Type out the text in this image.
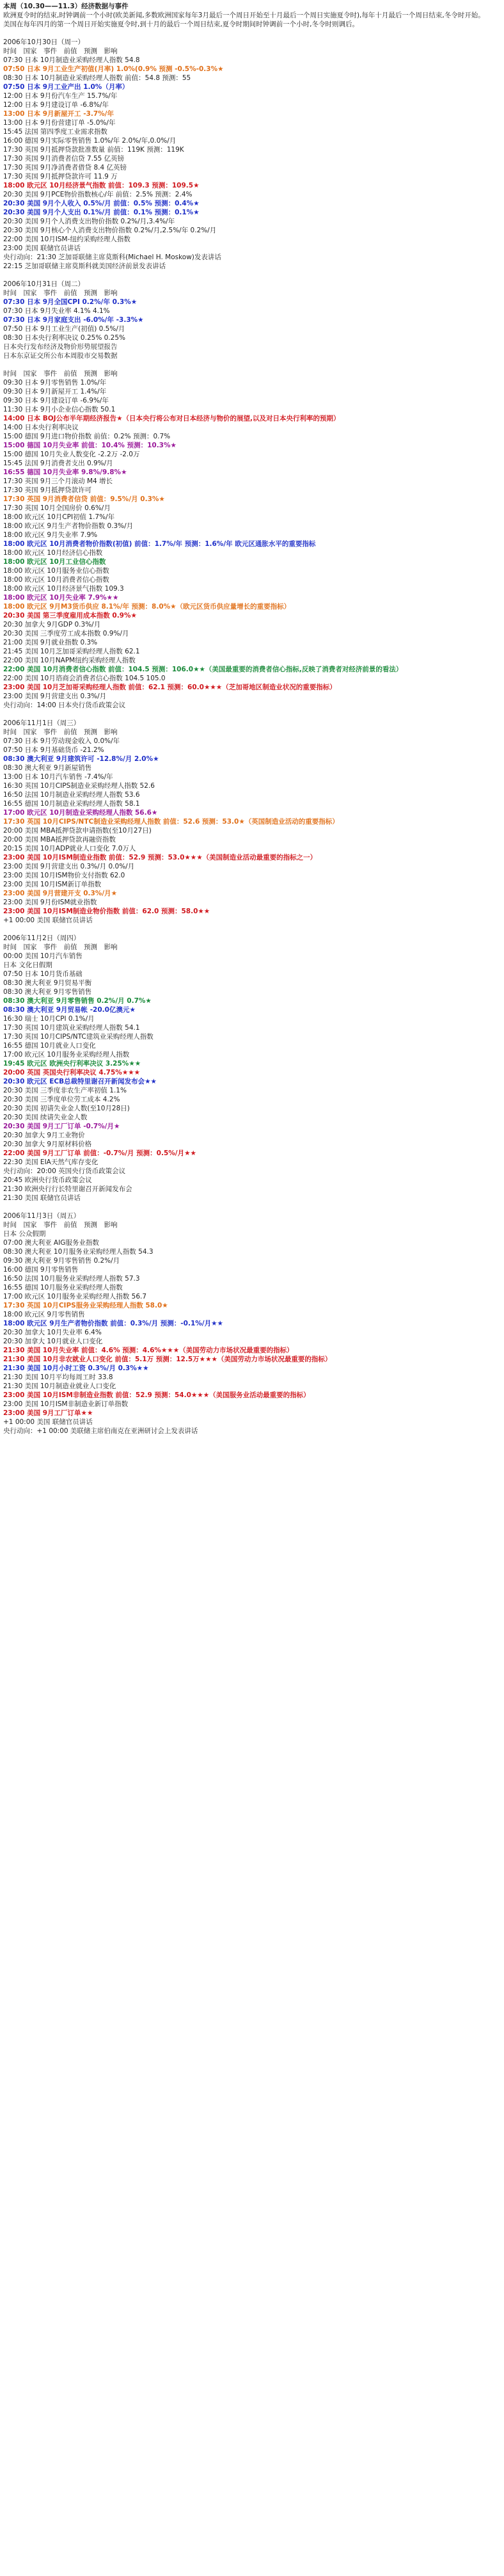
本周（10.30——11.3）经济数据与事件
欧洲夏令时的结束,时钟调前一个小时(欧美新闻,多数欧洲国家每年3月最后一个周日开始至十月最后一个周日实施夏令时),每年十月最后一个周日结束,冬令时开始。
美国在每年四月的第一个周日开始实施夏令时,到十月的最后一个周日结束,夏令时期间时钟调前一个小时,冬令时则调后。
2006年10月30日（周一）
时间　国家　事件　前值　预测　影响
07:30 日本 10月制造业采购经理人指数 54.8
07:50 日本 9月工业生产初值(月率) 1.0%(0.9% 预测 -0.5%-0.3%★
08:30 日本 10月制造业采购经理人指数 前值：54.8 预测：55
07:50 日本 9月工业产出 1.0%（月率）
12:00 日本 9月份汽车生产 15.7%/年
12:00 日本 9月建设订单 -6.8%/年
13:00 日本 9月新屋开工 -3.7%/年
13:00 日本 9月份营建订单 -5.0%/年
15:45 法国 第四季度工业需求指数
16:00 德国 9月实际零售销售 1.0%/年 2.0%/年,0.0%/月
17:30 英国 9月抵押贷款批准数量 前值：119K 预测：119K
17:30 英国 9月消费者信贷 7.55 亿英镑
17:30 英国 9月净消费者借贷 8.4 亿英镑
17:30 英国 9月抵押贷款许可 11.9 万
18:00 欧元区 10月经济景气指数 前值：109.3 预测：109.5★
20:30 美国 9月PCE物价指数核心/年 前值：2.5% 预测：2.4%
20:30 美国 9月个人收入 0.5%/月 前值：0.5% 预测：0.4%★
20:30 美国 9月个人支出 0.1%/月 前值：0.1% 预测：0.1%★
20:30 美国 9月个人消费支出物价指数 0.2%/月,3.4%/年
20:30 美国 9月核心个人消费支出物价指数 0.2%/月,2.5%/年 0.2%/月
22:00 美国 10月ISM-纽约采购经理人指数
23:00 美国 联储官员讲话
央行动向：21:30 芝加哥联储主席莫斯科(Michael H. Moskow)发表讲话
22:15 芝加哥联储主席莫斯科就美国经济前景发表讲话
2006年10月31日（周二）
时间　国家　事件　前值　预测　影响
07:30 日本 9月全国CPI 0.2%/年 0.3%★
07:30 日本 9月失业率 4.1% 4.1%
07:30 日本 9月家庭支出 -6.0%/年 -3.3%★
07:50 日本 9月工业生产(初值) 0.5%/月
08:30 日本央行利率决议 0.25% 0.25%
日本央行发布经济及物价形势展望报告
日本东京证交所公布本周股市交易数据
时间　国家　事件　前值　预测　影响
09:30 日本 9月零售销售 1.0%/年
09:30 日本 9月新屋开工 1.4%/年
09:30 日本 9月建设订单 -6.9%/年
11:30 日本 9月小企业信心指数 50.1
14:00 日本 BOJ公布半年期经济报告★（日本央行将公布对日本经济与物价的展望,以及对日本央行利率的预期）
14:00 日本央行利率决议
15:00 德国 9月进口物价指数 前值：0.2% 预测：0.7%
15:00 德国 10月失业率 前值：10.4% 预测：10.3%★
15:00 德国 10月失业人数变化 -2.2万 -2.0万
15:45 法国 9月消费者支出 0.9%/月
16:55 德国 10月失业率 9.8%/9.8%★
17:30 英国 9月三个月滚动 M4 增长
17:30 英国 9月抵押贷款许可
17:30 英国 9月消费者信贷 前值：9.5%/月 0.3%★
17:30 英国 10月全国房价 0.6%/月
18:00 欧元区 10月CPI初值 1.7%/年
18:00 欧元区 9月生产者物价指数 0.3%/月
18:00 欧元区 9月失业率 7.9%
18:00 欧元区 10月消费者物价指数(初值) 前值：1.7%/年 预测：1.6%/年 欧元区通胀水平的重要指标
18:00 欧元区 10月经济信心指数
18:00 欧元区 10月工业信心指数
18:00 欧元区 10月服务业信心指数
18:00 欧元区 10月消费者信心指数
18:00 欧元区 10月经济景气指数 109.3
18:00 欧元区 10月失业率 7.9%★★
18:00 欧元区 9月M3货币供应 8.1%/年 预测：8.0%★（欧元区货币供应量增长的重要指标）
20:30 美国 第三季度雇用成本指数 0.9%★
20:30 加拿大 9月GDP 0.3%/月
20:30 美国 三季度劳工成本指数 0.9%/月
21:00 美国 9月就业指数 0.3%
21:45 美国 10月芝加哥采购经理人指数 62.1
22:00 美国 10月NAPM纽约采购经理人指数
22:00 美国 10月消费者信心指数 前值：104.5 预测：106.0★★（美国最重要的消费者信心指标,反映了消费者对经济前景的看法）
22:00 美国 10月谘商会消费者信心指数 104.5 105.0
23:00 美国 10月芝加哥采购经理人指数 前值：62.1 预测：60.0★★★（芝加哥地区制造业状况的重要指标）
23:00 美国 9月营建支出 0.3%/月
央行动向：14:00 日本央行货币政策会议
2006年11月1日（周三）
时间　国家　事件　前值　预测　影响
07:30 日本 9月劳动现金收入 0.0%/年
07:50 日本 9月基础货币 -21.2%
08:30 澳大利亚 9月建筑许可 -12.8%/月 2.0%★
08:30 澳大利亚 9月新屋销售
13:00 日本 10月汽车销售 -7.4%/年
16:30 英国 10月CIPS制造业采购经理人指数 52.6
16:50 法国 10月制造业采购经理人指数 53.6
16:55 德国 10月制造业采购经理人指数 58.1
17:00 欧元区 10月制造业采购经理人指数 56.6★
17:30 英国 10月CIPS/NTC制造业采购经理人指数 前值：52.6 预测：53.0★（英国制造业活动的重要指标）
20:00 美国 MBA抵押贷款申请指数(至10月27日)
20:00 美国 MBA抵押贷款再融资指数
20:15 美国 10月ADP就业人口变化 7.0万人
23:00 美国 10月ISM制造业指数 前值：52.9 预测：53.0★★★（美国制造业活动最重要的指标之一）
23:00 美国 9月营建支出 0.3%/月 0.0%/月
23:00 美国 10月ISM物价支付指数 62.0
23:00 美国 10月ISM新订单指数
23:00 美国 9月营建开支 0.3%/月★
23:00 美国 9月份ISM就业指数
23:00 美国 10月ISM制造业物价指数 前值：62.0 预测：58.0★★
+1 00:00 美国 联储官员讲话
2006年11月2日（周四）
时间　国家　事件　前值　预测　影响
00:00 美国 10月汽车销售
日本 文化日假期
07:50 日本 10月货币基础
08:30 澳大利亚 9月贸易平衡
08:30 澳大利亚 9月零售销售
08:30 澳大利亚 9月零售销售 0.2%/月 0.7%★
08:30 澳大利亚 9月贸易帐 -20.0亿澳元★
16:30 瑞士 10月CPI 0.1%/月
17:30 英国 10月建筑业采购经理人指数 54.1
17:30 英国 10月CIPS/NTC建筑业采购经理人指数
16:55 德国 10月就业人口变化
17:00 欧元区 10月服务业采购经理人指数
19:45 欧元区 欧洲央行利率决议 3.25%★★
20:00 英国 英国央行利率决议 4.75%★★★
20:30 欧元区 ECB总裁特里谢召开新闻发布会★★
20:30 美国 三季度非农生产率初值 1.1%
20:30 美国 三季度单位劳工成本 4.2%
20:30 美国 初请失业金人数(至10月28日)
20:30 美国 续请失业金人数
20:30 美国 9月工厂订单 -0.7%/月★
20:30 加拿大 9月工业物价
20:30 加拿大 9月原材料价格
22:00 美国 9月工厂订单 前值：-0.7%/月 预测：0.5%/月★★
22:30 美国 EIA天然气库存变化
央行动向：20:00 英国央行货币政策会议
20:45 欧洲央行货币政策会议
21:30 欧洲央行行长特里谢召开新闻发布会
21:30 美国 联储官员讲话
2006年11月3日（周五）
时间　国家　事件　前值　预测　影响
日本 公众假期
07:00 澳大利亚 AIG服务业指数
08:30 澳大利亚 10月服务业采购经理人指数 54.3
09:30 澳大利亚 9月零售销售 0.2%/月
16:00 德国 9月零售销售
16:50 法国 10月服务业采购经理人指数 57.3
16:55 德国 10月服务业采购经理人指数
17:00 欧元区 10月服务业采购经理人指数 56.7
17:30 英国 10月CIPS服务业采购经理人指数 58.0★
18:00 欧元区 9月零售销售
18:00 欧元区 9月生产者物价指数 前值：0.3%/月 预测：-0.1%/月★★
20:30 加拿大 10月失业率 6.4%
20:30 加拿大 10月就业人口变化
21:30 美国 10月失业率 前值：4.6% 预测：4.6%★★★（美国劳动力市场状况最重要的指标）
21:30 美国 10月非农就业人口变化 前值：5.1万 预测：12.5万★★★（美国劳动力市场状况最重要的指标）
21:30 美国 10月小时工资 0.3%/月 0.3%★★
21:30 美国 10月平均每周工时 33.8
21:30 美国 10月制造业就业人口变化
23:00 美国 10月ISM非制造业指数 前值：52.9 预测：54.0★★★（美国服务业活动最重要的指标）
23:00 美国 10月ISM非制造业新订单指数
23:00 美国 9月工厂订单★★
+1 00:00 美国 联储官员讲话
央行动向：+1 00:00 美联储主席伯南克在亚洲研讨会上发表讲话
